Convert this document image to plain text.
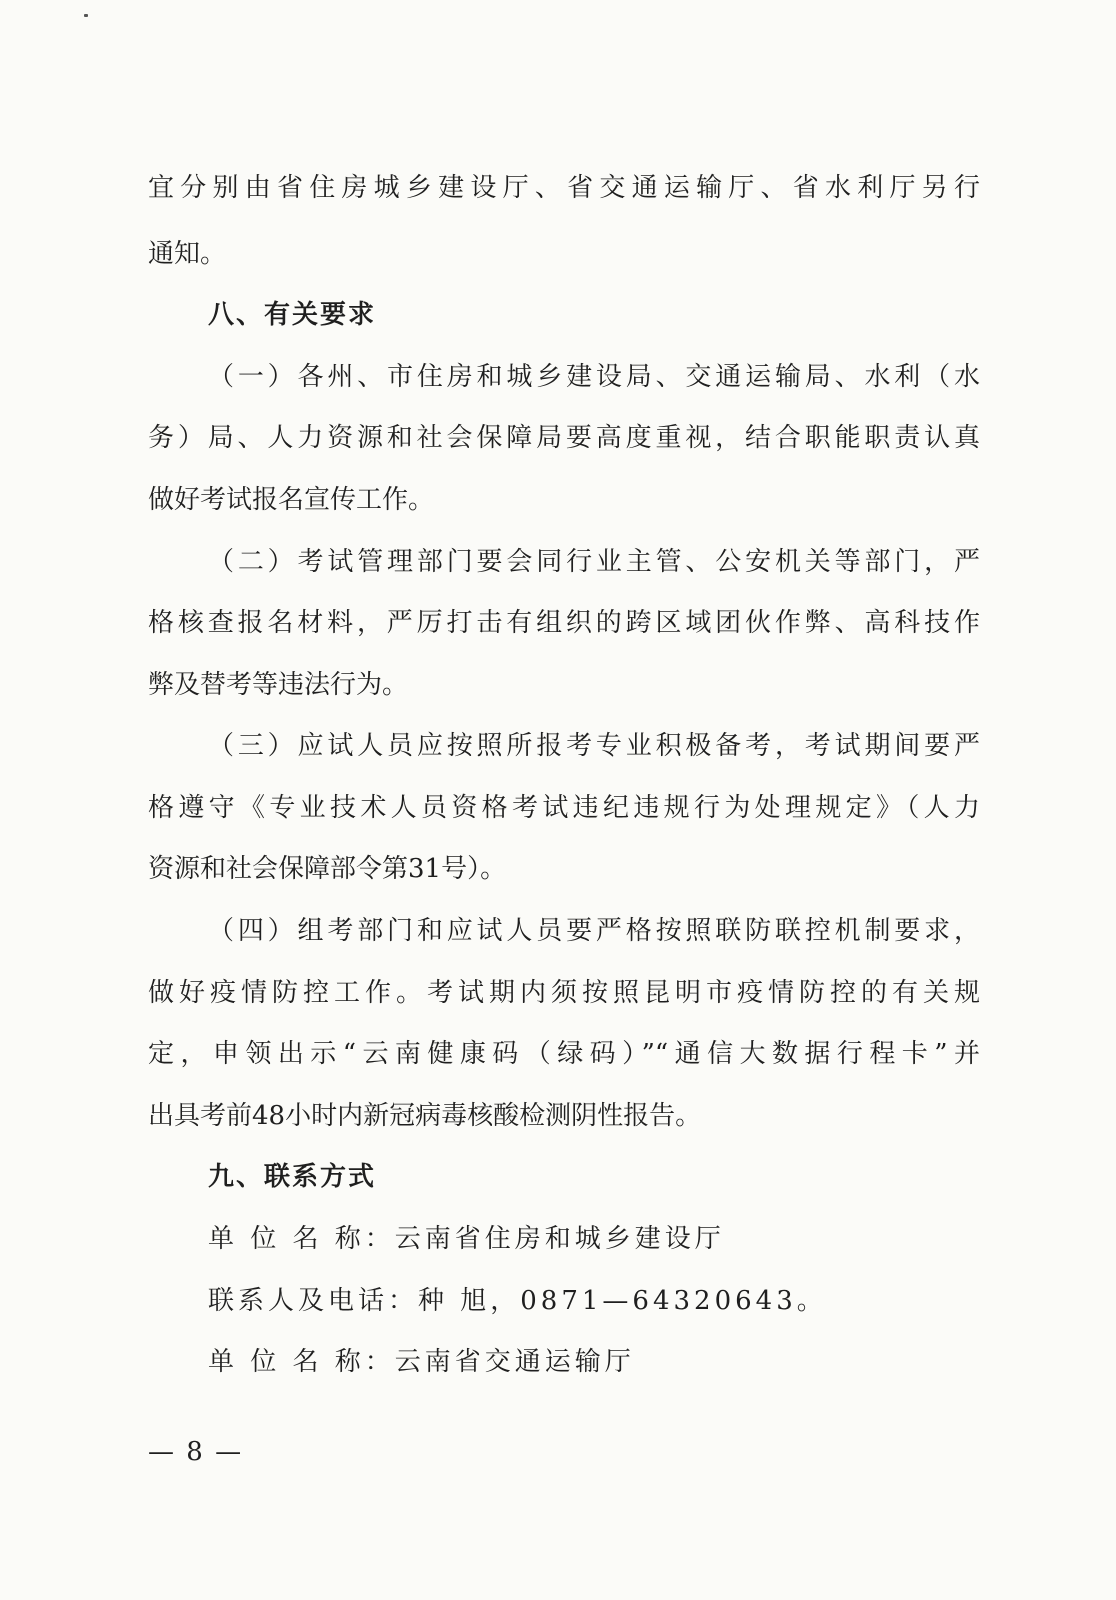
宜分别由省住房城乡建设厅、省交通运输厅、省水利厅另行
通知。
八、有关要求
（一）各州、市住房和城乡建设局、交通运输局、水利（水
务）局、人力资源和社会保障局要高度重视，结合职能职责认真
做好考试报名宣传工作。
（二）考试管理部门要会同行业主管、公安机关等部门，严
格核查报名材料，严厉打击有组织的跨区域团伙作弊、高科技作
弊及替考等违法行为。
（三）应试人员应按照所报考专业积极备考，考试期间要严
格遵守《专业技术人员资格考试违纪违规行为处理规定》（人力
资源和社会保障部令第31号）。
（四）组考部门和应试人员要严格按照联防联控机制要求，
做好疫情防控工作。考试期内须按照昆明市疫情防控的有关规
定，申领出示“云南健康码（绿码）”“通信大数据行程卡”并
出具考前48小时内新冠病毒核酸检测阴性报告。
九、联系方式
单 位 名 称：云南省住房和城乡建设厅
联系人及电话：种 旭，0871—64320643。
单 位 名 称：云南省交通运输厅
— 8 —
